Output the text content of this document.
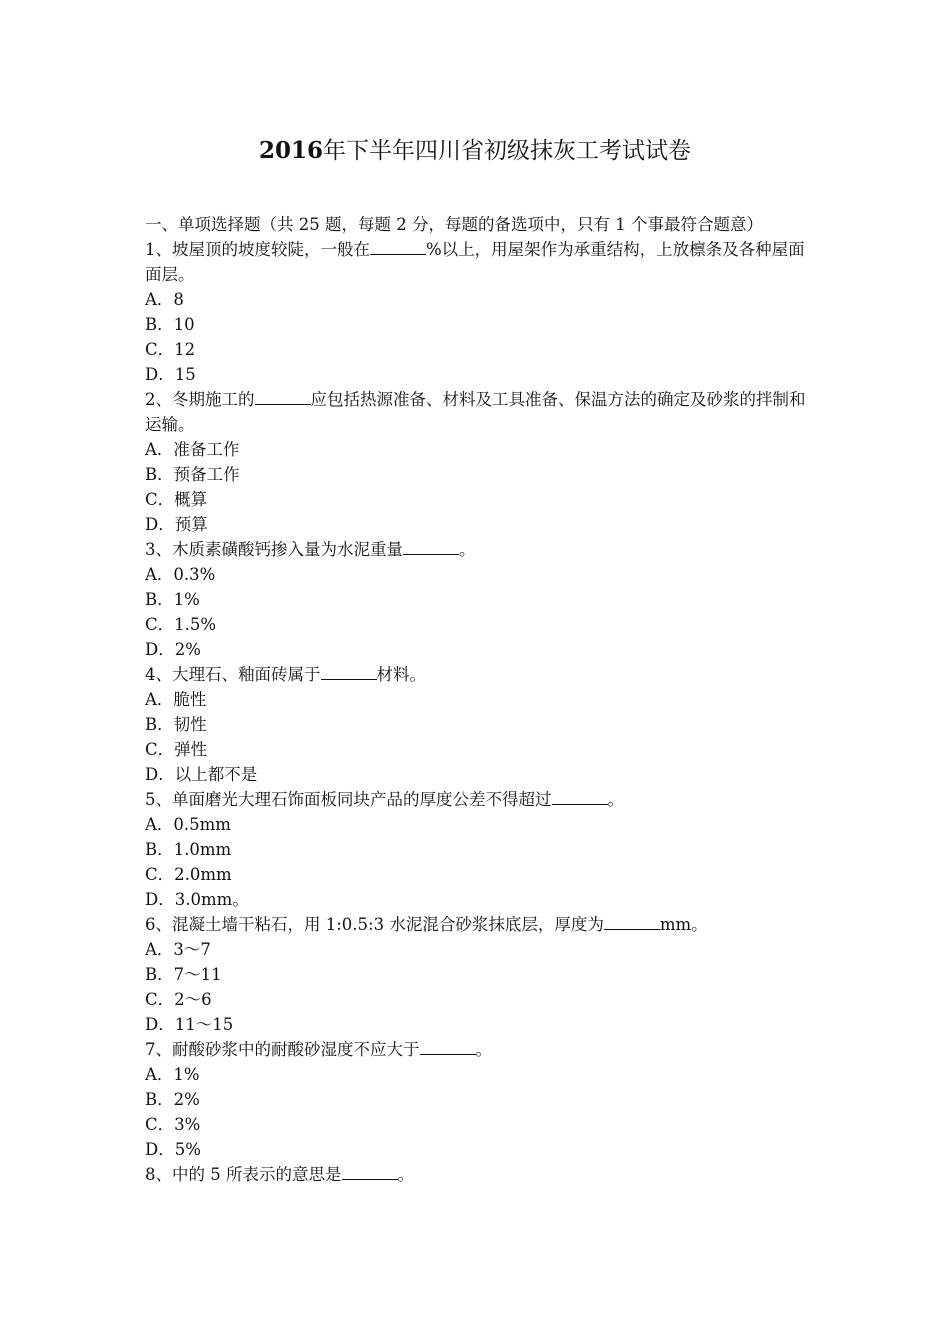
2016年下半年四川省初级抹灰工考试试卷
一、单项选择题（共 25 题，每题 2 分，每题的备选项中，只有 1 个事最符合题意）
1、坡屋顶的坡度较陡，一般在	%以上，用屋架作为承重结构，上放檩条及各种屋面面层。
A．8
B．10
C．12
D．15
2、冬期施工的	应包括热源准备、材料及工具准备、保温方法的确定及砂浆的拌制和运输。
A．准备工作
B．预备工作
C．概算
D．预算
3、木质素磺酸钙掺入量为水泥重量	。
A．0.3%
B．1%
C．1.5%
D．2%
4、大理石、釉面砖属于	材料。
A．脆性
B．韧性
C．弹性
D．以上都不是
5、单面磨光大理石饰面板同块产品的厚度公差不得超过	。
A．0.5mm
B．1.0mm
C．2.0mm
D．3.0mm。
6、混凝土墙干粘石，用 1:0.5:3 水泥混合砂浆抹底层，厚度为	mm。
A．3～7
B．7～11
C．2～6
D．11～15
7、耐酸砂浆中的耐酸砂湿度不应大于	。
A．1%
B．2%
C．3%
D．5%
8、中的 5 所表示的意思是	。
